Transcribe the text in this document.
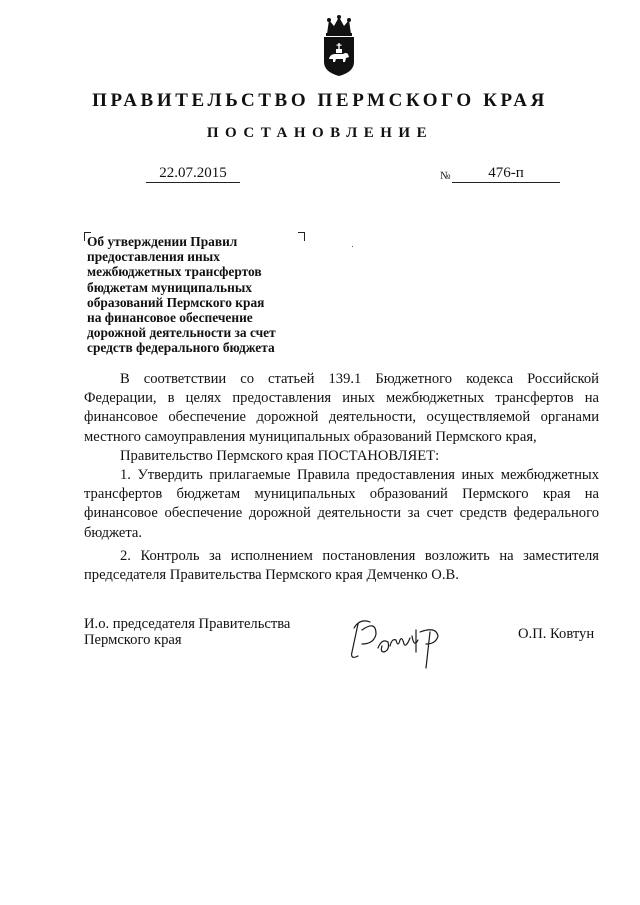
ПРАВИТЕЛЬСТВО ПЕРМСКОГО КРАЯ
ПОСТАНОВЛЕНИЕ
22.07.2015	№	476-п
Об утверждении Правил
предоставления иных
межбюджетных трансфертов
бюджетам муниципальных
образований Пермского края
на финансовое обеспечение
дорожной деятельности за счет
средств федерального бюджета

В соответствии со статьей 139.1 Бюджетного кодекса Российской Федерации, в целях предоставления иных межбюджетных трансфертов на финансовое обеспечение дорожной деятельности, осуществляемой органами местного самоуправления муниципальных образований Пермского края,

Правительство Пермского края ПОСТАНОВЛЯЕТ:

1. Утвердить прилагаемые Правила предоставления иных межбюджетных трансфертов бюджетам муниципальных образований Пермского края на финансовое обеспечение дорожной деятельности за счет средств федерального бюджета.

2. Контроль за исполнением постановления возложить на заместителя председателя Правительства Пермского края Демченко О.В.

И.о. председателя Правительства
Пермского края	О.П. Ковтун
